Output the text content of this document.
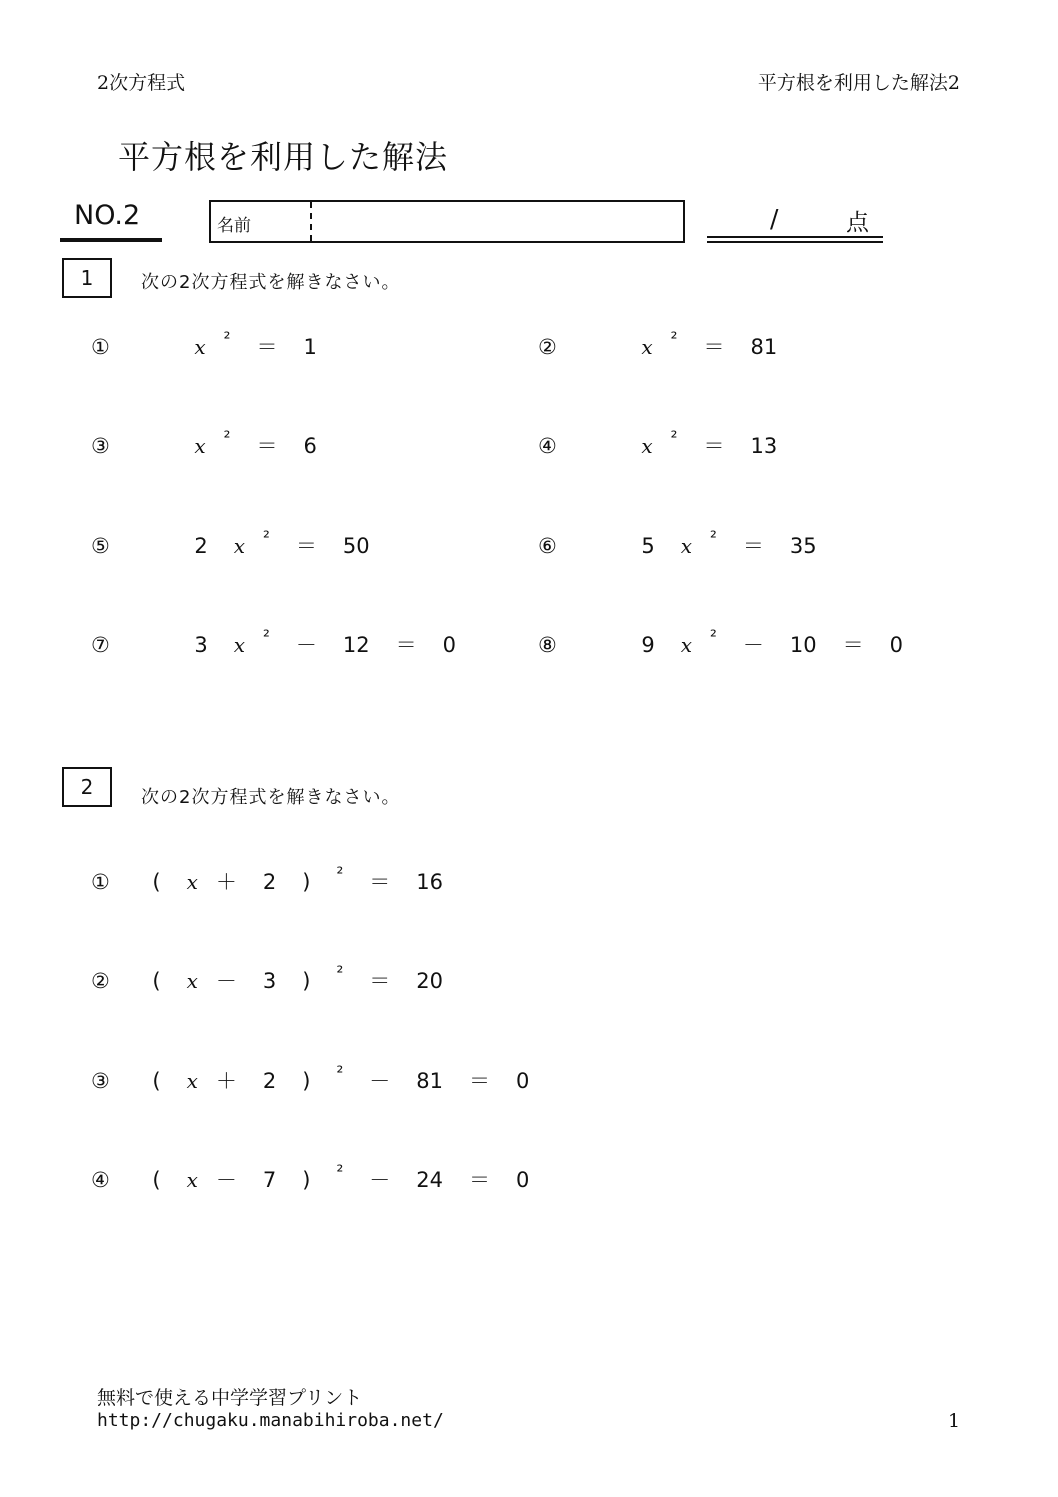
2次方程式	平方根を利用した解法2
平方根を利用した解法
NO.2	名前	/	点
1	次の2次方程式を解きなさい。
①	x ² ＝ 1	②	x ² ＝ 81
③	x ² ＝ 6	④	x ² ＝ 13
⑤	2 x ² ＝ 50	⑥	5 x ² ＝ 35
⑦	3 x ² － 12 ＝ 0	⑧	9 x ² － 10 ＝ 0
2	次の2次方程式を解きなさい。
① ( x ＋ 2 ) ² ＝ 16
② ( x － 3 ) ² ＝ 20
③ ( x ＋ 2 ) ² － 81 ＝ 0
④ ( x － 7 ) ² － 24 ＝ 0
無料で使える中学学習プリント
http://chugaku.manabihiroba.net/	1
